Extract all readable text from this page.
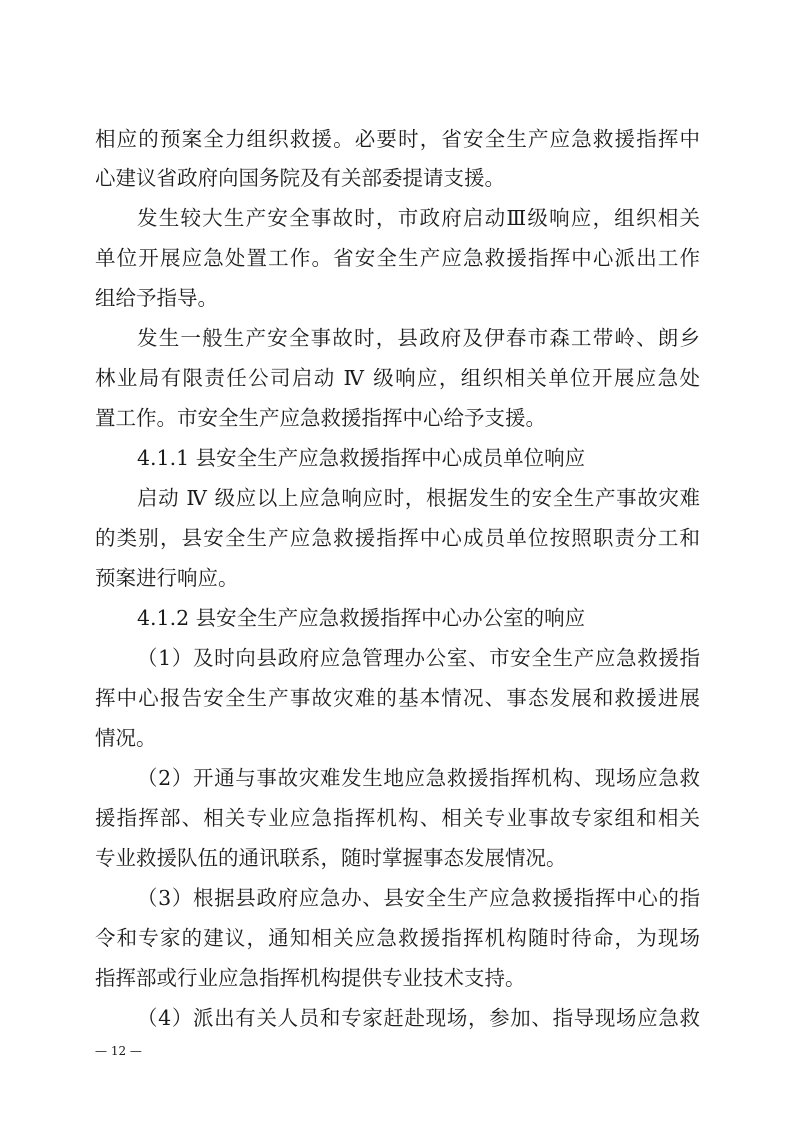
相应的预案全力组织救援。必要时，省安全生产应急救援指挥中
心建议省政府向国务院及有关部委提请支援。
发生较大生产安全事故时，市政府启动Ⅲ级响应，组织相关
单位开展应急处置工作。省安全生产应急救援指挥中心派出工作
组给予指导。
发生一般生产安全事故时，县政府及伊春市森工带岭、朗乡
林业局有限责任公司启动 Ⅳ 级响应，组织相关单位开展应急处
置工作。市安全生产应急救援指挥中心给予支援。
4.1.1 县安全生产应急救援指挥中心成员单位响应
启动 Ⅳ 级应以上应急响应时，根据发生的安全生产事故灾难
的类别，县安全生产应急救援指挥中心成员单位按照职责分工和
预案进行响应。
4.1.2 县安全生产应急救援指挥中心办公室的响应
（1）及时向县政府应急管理办公室、市安全生产应急救援指
挥中心报告安全生产事故灾难的基本情况、事态发展和救援进展
情况。
（2）开通与事故灾难发生地应急救援指挥机构、现场应急救
援指挥部、相关专业应急指挥机构、相关专业事故专家组和相关
专业救援队伍的通讯联系，随时掌握事态发展情况。
（3）根据县政府应急办、县安全生产应急救援指挥中心的指
令和专家的建议，通知相关应急救援指挥机构随时待命，为现场
指挥部或行业应急指挥机构提供专业技术支持。
（4）派出有关人员和专家赶赴现场，参加、指导现场应急救
— 12 —
